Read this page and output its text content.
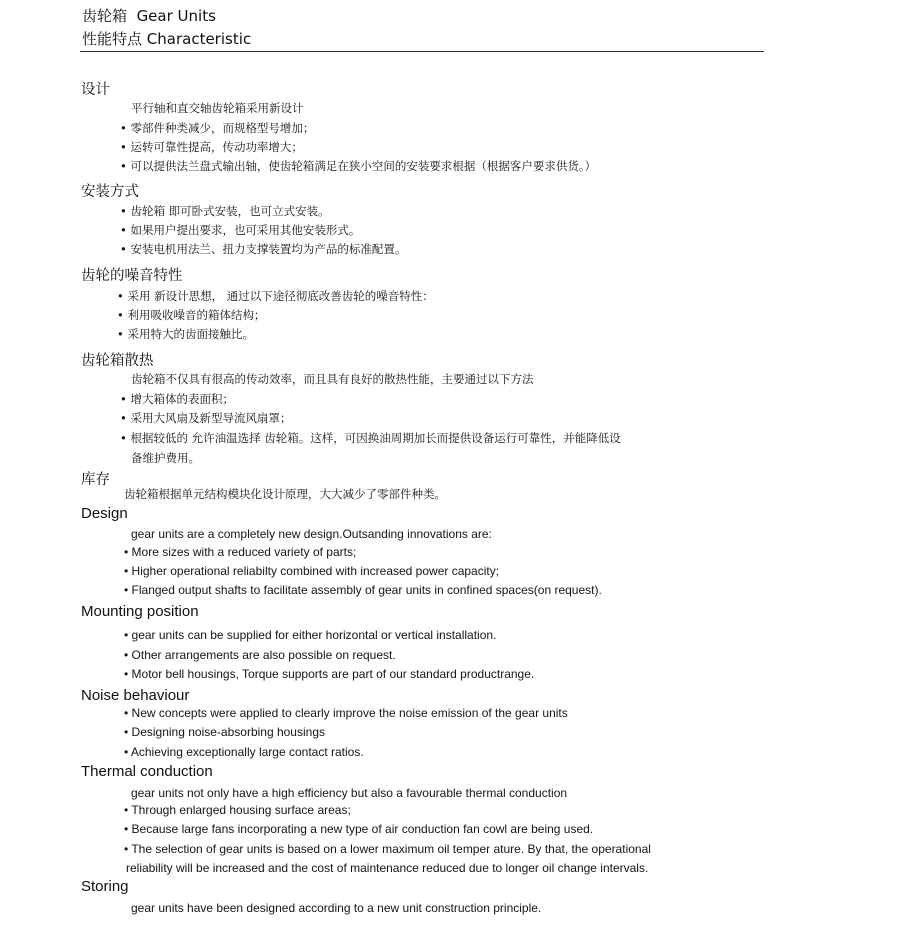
齿轮箱 Gear Units
性能特点 Characteristic
设计
平行轴和直交轴齿轮箱采用新设计
• 零部件种类减少，而规格型号增加；
• 运转可靠性提高，传动功率增大；
• 可以提供法兰盘式输出轴，使齿轮箱满足在狭小空间的安装要求根据（根据客户要求供货。）
安装方式
• 齿轮箱 即可卧式安装，也可立式安装。
• 如果用户提出要求，也可采用其他安装形式。
• 安装电机用法兰、扭力支撑装置均为产品的标准配置。
齿轮的噪音特性
• 采用 新设计思想， 通过以下途径彻底改善齿轮的噪音特性：
• 利用吸收噪音的箱体结构；
• 采用特大的齿面接触比。
齿轮箱散热
齿轮箱不仅具有很高的传动效率，而且具有良好的散热性能，主要通过以下方法
• 增大箱体的表面积；
• 采用大风扇及新型导流风扇罩；
• 根据较低的 允许油温选择 齿轮箱。这样，可因换油周期加长而提供设备运行可靠性，并能降低设
备维护费用。
库存
齿轮箱根据单元结构模块化设计原理，大大减少了零部件种类。
Design
gear units are a completely new design.Outsanding innovations are:
• More sizes with a reduced variety of parts;
• Higher operational reliabilty combined with increased power capacity;
• Flanged output shafts to facilitate assembly of gear units in confined spaces(on request).
Mounting position
• gear units can be supplied for either horizontal or vertical installation.
• Other arrangements are also possible on request.
• Motor bell housings, Torque supports are part of our standard productrange.
Noise behaviour
• New concepts were applied to clearly improve the noise emission of the gear units
• Designing noise-absorbing housings
• Achieving exceptionally large contact ratios.
Thermal conduction
gear units not only have a high efficiency but also a favourable thermal conduction
• Through enlarged housing surface areas;
• Because large fans incorporating a new type of air conduction fan cowl are being used.
• The selection of gear units is based on a lower maximum oil temper ature. By that, the operational
reliability will be increased and the cost of maintenance reduced due to longer oil change intervals.
Storing
gear units have been designed according to a new unit construction principle.
